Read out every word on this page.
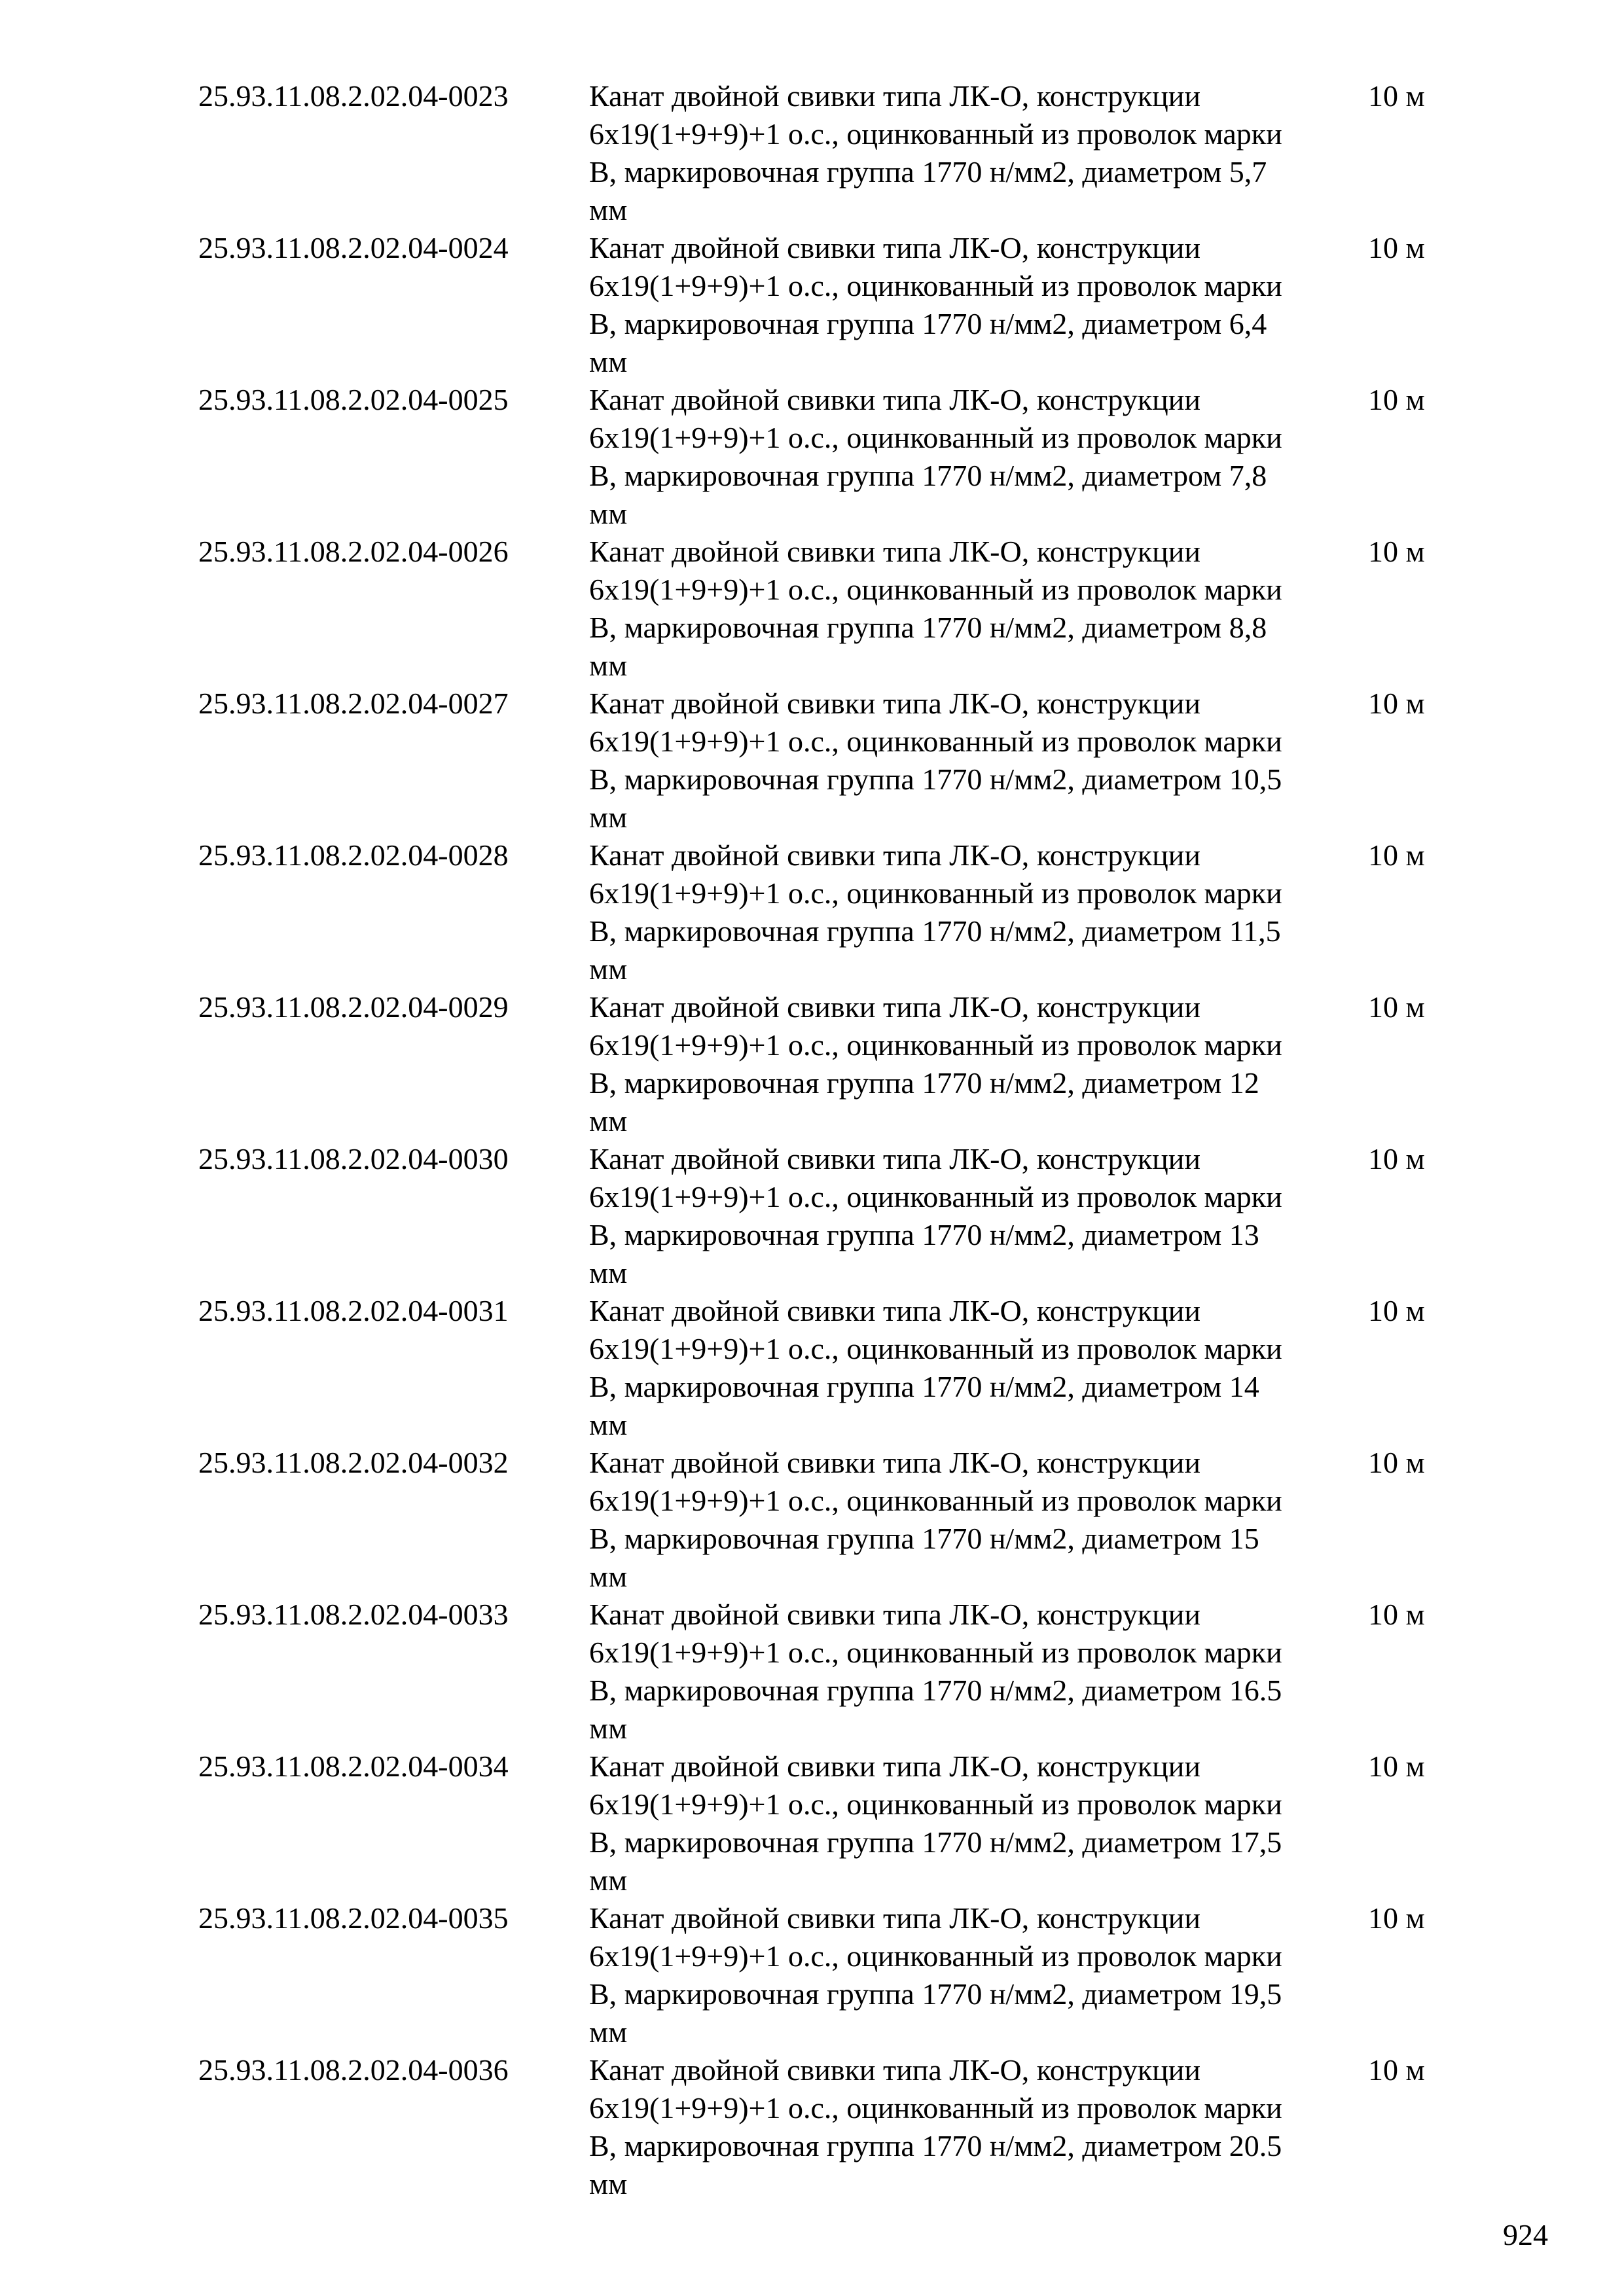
25.93.11.08.2.02.04-0023	Канат двойной свивки типа ЛК-О, конструкции
6х19(1+9+9)+1 о.с., оцинкованный из проволок марки
В, маркировочная группа 1770 н/мм2, диаметром 5,7
мм
10 м
25.93.11.08.2.02.04-0024	Канат двойной свивки типа ЛК-О, конструкции
6х19(1+9+9)+1 о.с., оцинкованный из проволок марки
В, маркировочная группа 1770 н/мм2, диаметром 6,4
мм
10 м
25.93.11.08.2.02.04-0025	Канат двойной свивки типа ЛК-О, конструкции
6х19(1+9+9)+1 о.с., оцинкованный из проволок марки
В, маркировочная группа 1770 н/мм2, диаметром 7,8
мм
10 м
25.93.11.08.2.02.04-0026	Канат двойной свивки типа ЛК-О, конструкции
6х19(1+9+9)+1 о.с., оцинкованный из проволок марки
В, маркировочная группа 1770 н/мм2, диаметром 8,8
мм
10 м
25.93.11.08.2.02.04-0027	Канат двойной свивки типа ЛК-О, конструкции
6х19(1+9+9)+1 о.с., оцинкованный из проволок марки
В, маркировочная группа 1770 н/мм2, диаметром 10,5
мм
10 м
25.93.11.08.2.02.04-0028	Канат двойной свивки типа ЛК-О, конструкции
6х19(1+9+9)+1 о.с., оцинкованный из проволок марки
В, маркировочная группа 1770 н/мм2, диаметром 11,5
мм
10 м
25.93.11.08.2.02.04-0029	Канат двойной свивки типа ЛК-О, конструкции
6х19(1+9+9)+1 о.с., оцинкованный из проволок марки
В, маркировочная группа 1770 н/мм2, диаметром 12
мм
10 м
25.93.11.08.2.02.04-0030	Канат двойной свивки типа ЛК-О, конструкции
6х19(1+9+9)+1 о.с., оцинкованный из проволок марки
В, маркировочная группа 1770 н/мм2, диаметром 13
мм
10 м
25.93.11.08.2.02.04-0031	Канат двойной свивки типа ЛК-О, конструкции
6х19(1+9+9)+1 о.с., оцинкованный из проволок марки
В, маркировочная группа 1770 н/мм2, диаметром 14
мм
10 м
25.93.11.08.2.02.04-0032	Канат двойной свивки типа ЛК-О, конструкции
6х19(1+9+9)+1 о.с., оцинкованный из проволок марки
В, маркировочная группа 1770 н/мм2, диаметром 15
мм
10 м
25.93.11.08.2.02.04-0033	Канат двойной свивки типа ЛК-О, конструкции
6х19(1+9+9)+1 о.с., оцинкованный из проволок марки
В, маркировочная группа 1770 н/мм2, диаметром 16.5
мм
10 м
25.93.11.08.2.02.04-0034	Канат двойной свивки типа ЛК-О, конструкции
6х19(1+9+9)+1 о.с., оцинкованный из проволок марки
В, маркировочная группа 1770 н/мм2, диаметром 17,5
мм
10 м
25.93.11.08.2.02.04-0035	Канат двойной свивки типа ЛК-О, конструкции
6х19(1+9+9)+1 о.с., оцинкованный из проволок марки
В, маркировочная группа 1770 н/мм2, диаметром 19,5
мм
10 м
25.93.11.08.2.02.04-0036	Канат двойной свивки типа ЛК-О, конструкции
6х19(1+9+9)+1 о.с., оцинкованный из проволок марки
В, маркировочная группа 1770 н/мм2, диаметром 20.5
мм
10 м
924
